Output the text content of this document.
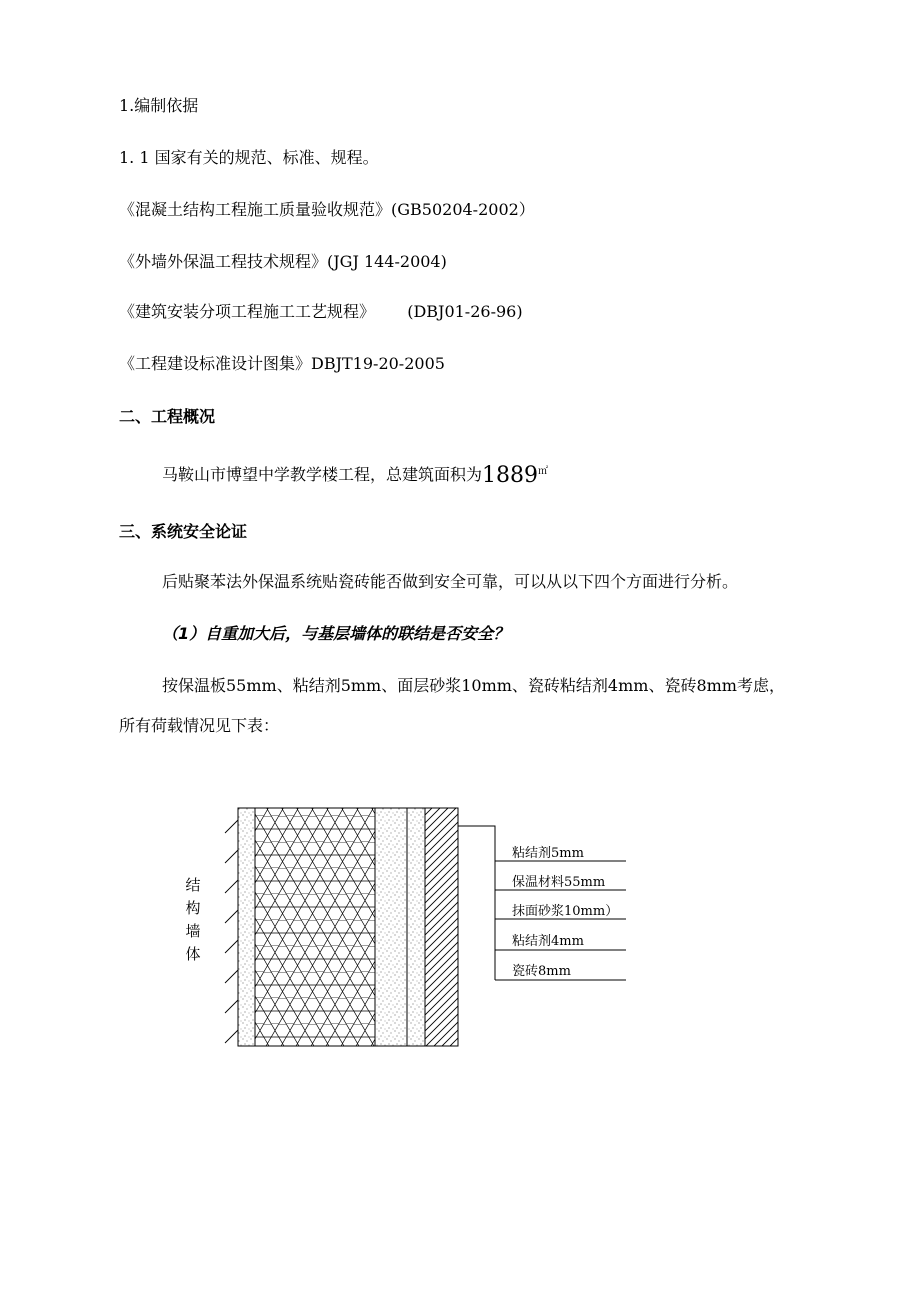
1.编制依据
1. 1 国家有关的规范、标准、规程。
《混凝土结构工程施工质量验收规范》(GB50204-2002）
《外墙外保温工程技术规程》(JGJ 144-2004)
《建筑安装分项工程施工工艺规程》 (DBJ01-26-96)
《工程建设标准设计图集》DBJT19-20-2005
二、工程概况
马鞍山市博望中学教学楼工程，总建筑面积为1889㎡
三、系统安全论证
后贴聚苯法外保温系统贴瓷砖能否做到安全可靠，可以从以下四个方面进行分析。
（1）自重加大后，与基层墙体的联结是否安全？
按保温板55mm、粘结剂5mm、面层砂浆10mm、瓷砖粘结剂4mm、瓷砖8mm考虑，
所有荷载情况见下表：
结
构
墙
体
粘结剂5mm
保温材料55mm
抹面砂浆10mm）
粘结剂4mm
瓷砖8mm
